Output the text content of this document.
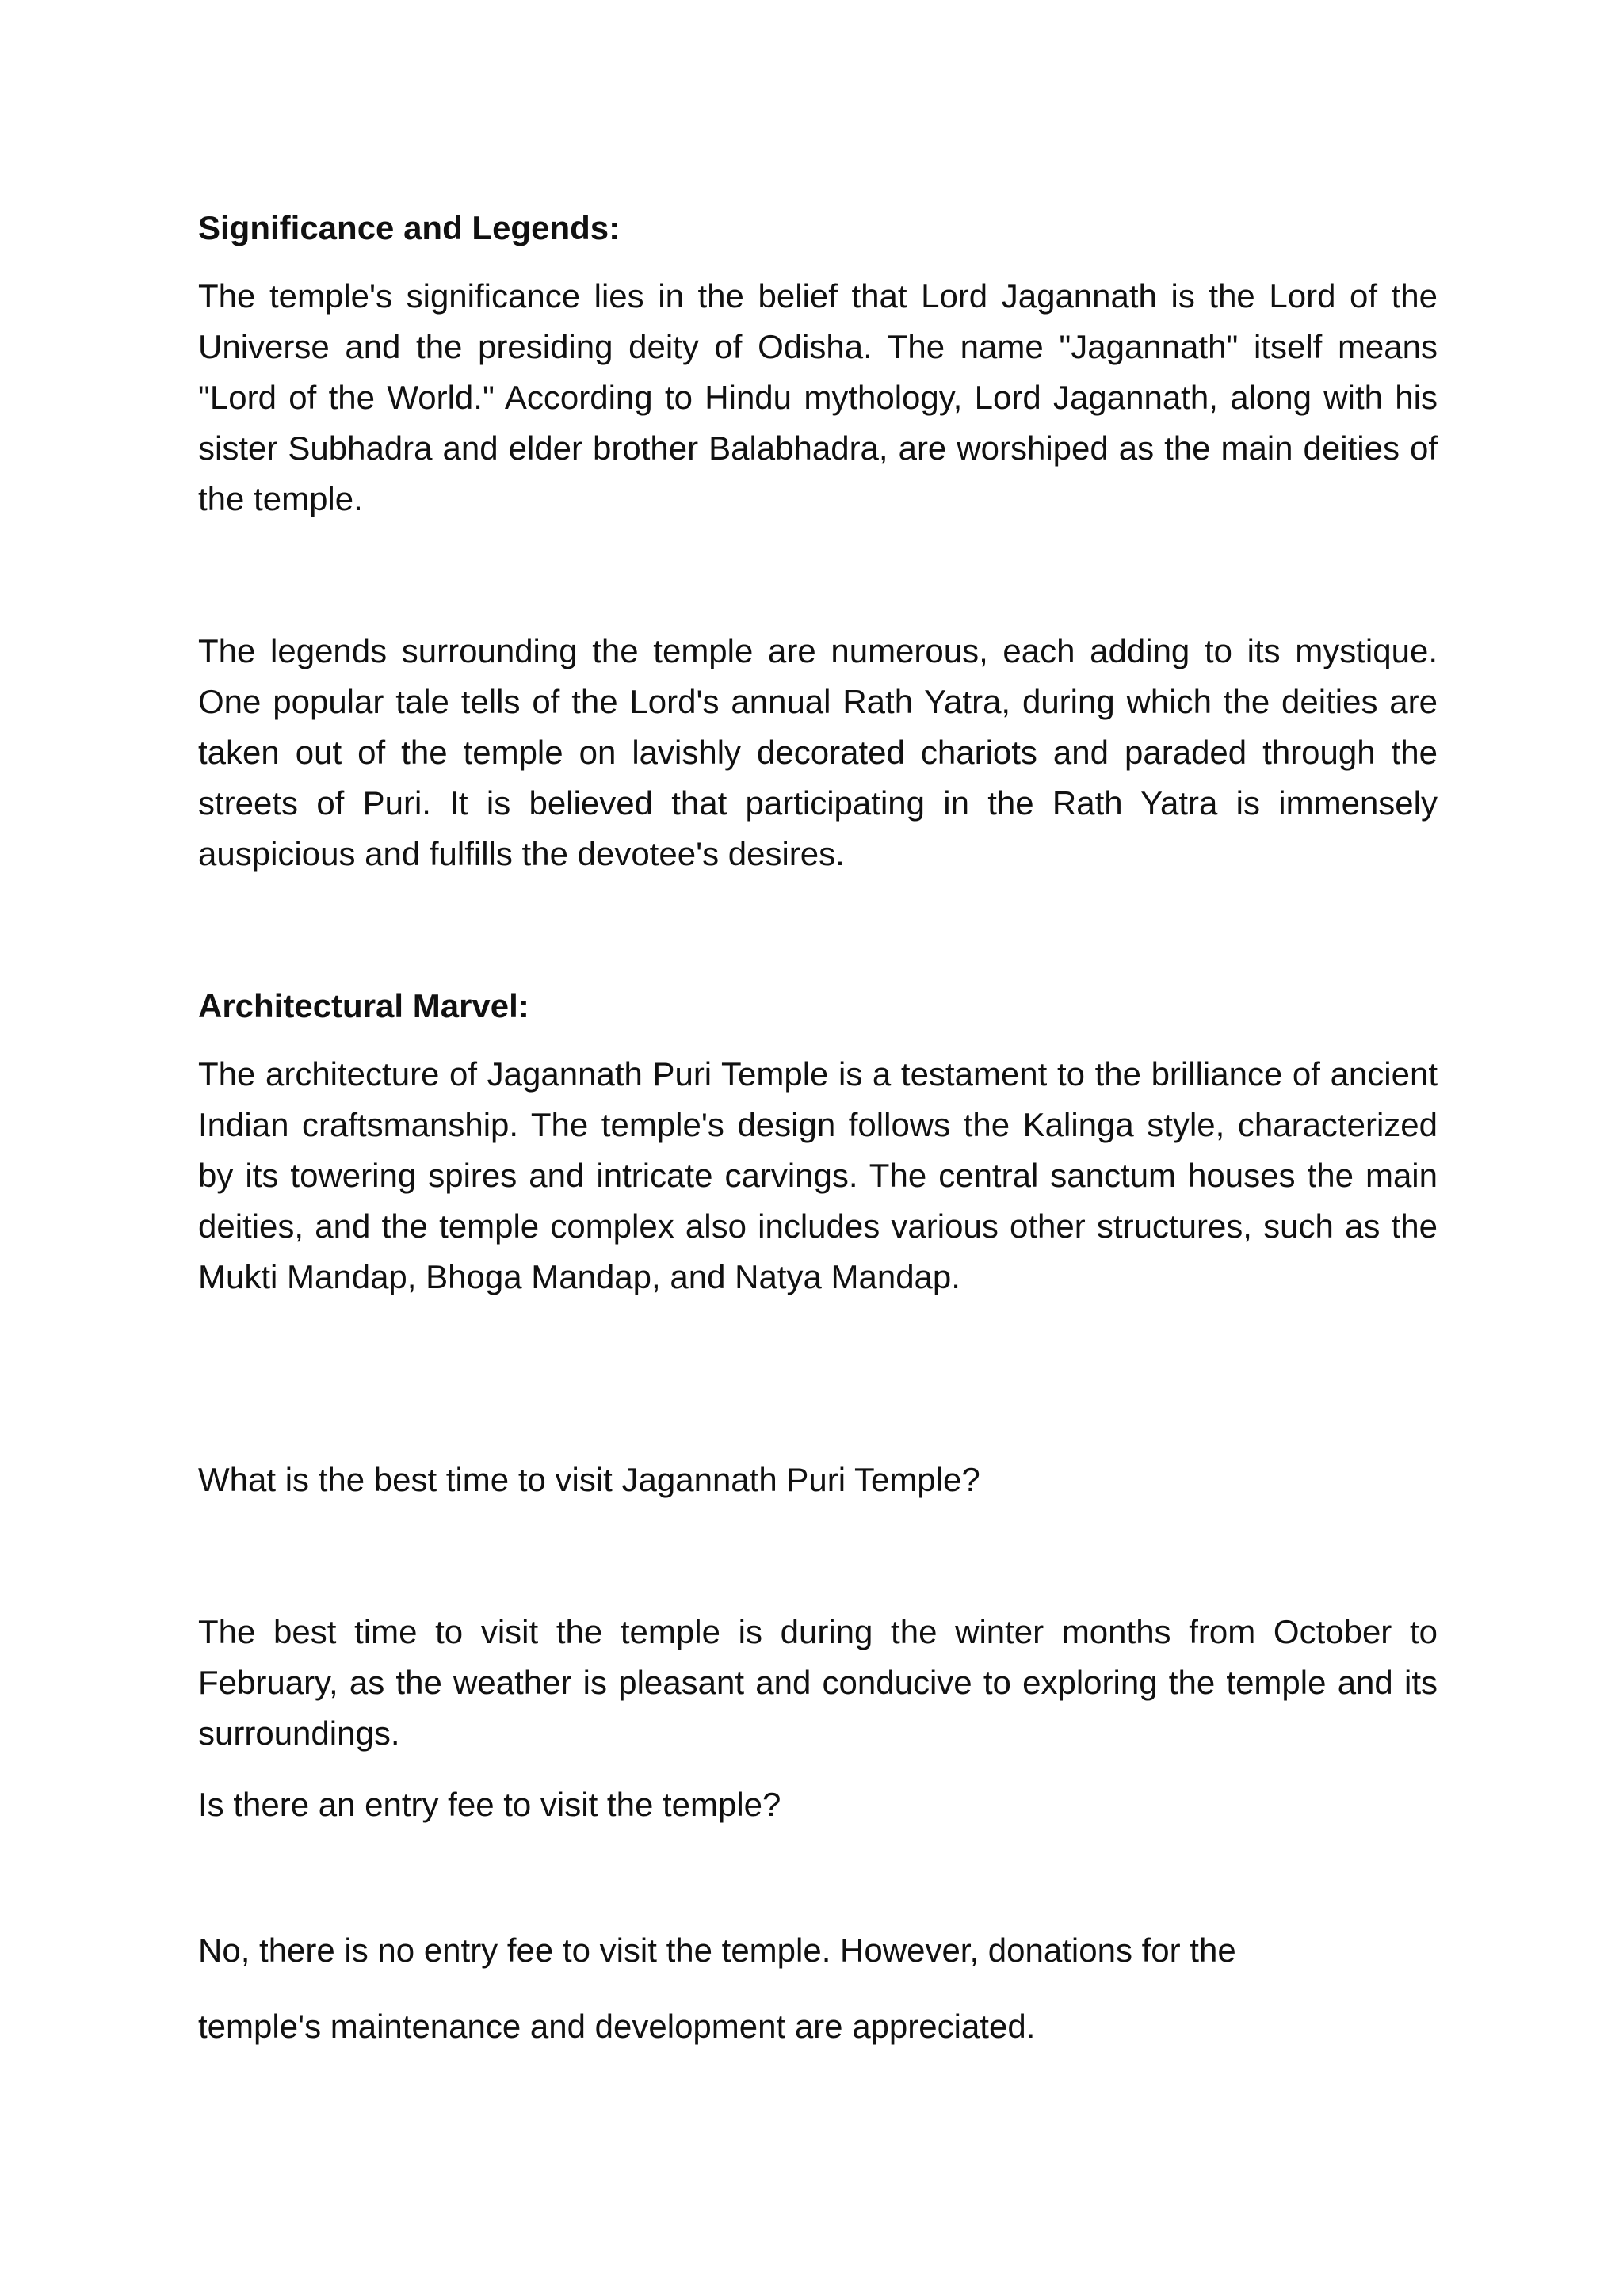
Significance and Legends:

The temple's significance lies in the belief that Lord Jagannath is the Lord of the Universe and the presiding deity of Odisha. The name "Jagannath" itself means "Lord of the World." According to Hindu mythology, Lord Jagannath, along with his sister Subhadra and elder brother Balabhadra, are worshiped as the main deities of the temple.

The legends surrounding the temple are numerous, each adding to its mystique. One popular tale tells of the Lord's annual Rath Yatra, during which the deities are taken out of the temple on lavishly decorated chariots and paraded through the streets of Puri. It is believed that participating in the Rath Yatra is immensely auspicious and fulfills the devotee's desires.

Architectural Marvel:

The architecture of Jagannath Puri Temple is a testament to the brilliance of ancient Indian craftsmanship. The temple's design follows the Kalinga style, characterized by its towering spires and intricate carvings. The central sanctum houses the main deities, and the temple complex also includes various other structures, such as the Mukti Mandap, Bhoga Mandap, and Natya Mandap.

What is the best time to visit Jagannath Puri Temple?

The best time to visit the temple is during the winter months from October to February, as the weather is pleasant and conducive to exploring the temple and its surroundings.

Is there an entry fee to visit the temple?

No, there is no entry fee to visit the temple. However, donations for the

temple's maintenance and development are appreciated.
